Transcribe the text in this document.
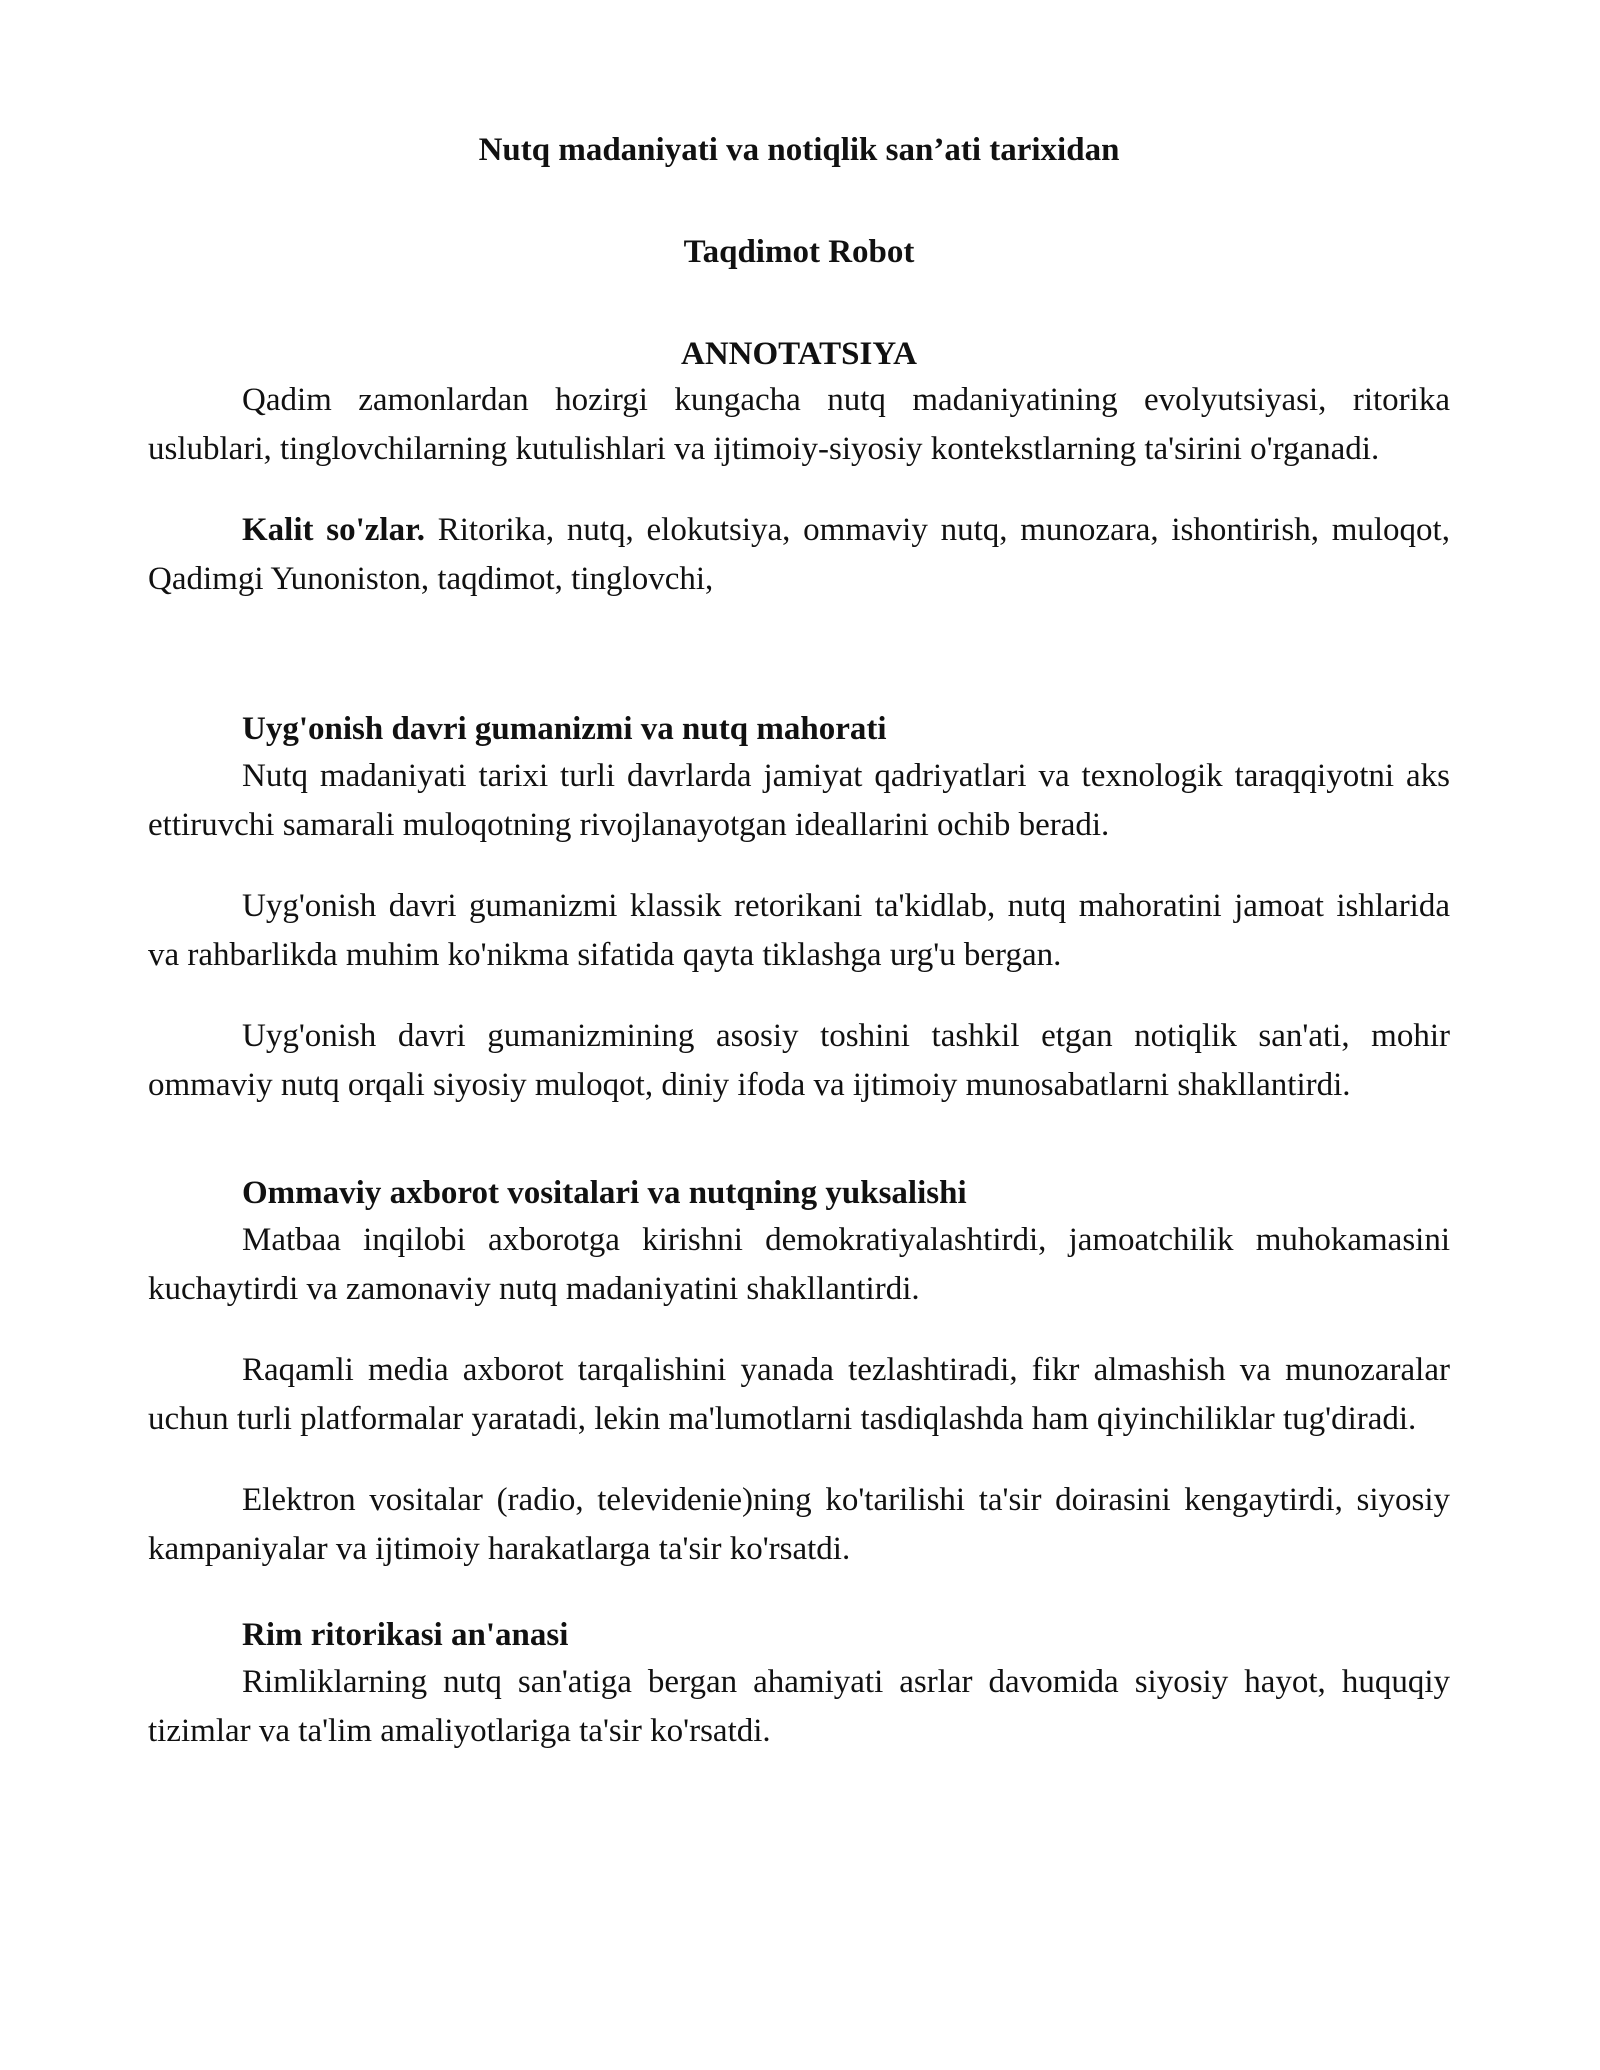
Nutq madaniyati va notiqlik san’ati tarixidan
Taqdimot Robot
ANNOTATSIYA

Qadim zamonlardan hozirgi kungacha nutq madaniyatining evolyutsiyasi, ritorika uslublari, tinglovchilarning kutulishlari va ijtimoiy-siyosiy kontekstlarning ta'sirini o'rganadi.

Kalit so'zlar. Ritorika, nutq, elokutsiya, ommaviy nutq, munozara, ishontirish, muloqot, Qadimgi Yunoniston, taqdimot, tinglovchi,

Uyg'onish davri gumanizmi va nutq mahorati

Nutq madaniyati tarixi turli davrlarda jamiyat qadriyatlari va texnologik taraqqiyotni aks ettiruvchi samarali muloqotning rivojlanayotgan ideallarini ochib beradi.

Uyg'onish davri gumanizmi klassik retorikani ta'kidlab, nutq mahoratini jamoat ishlarida va rahbarlikda muhim ko'nikma sifatida qayta tiklashga urg'u bergan.

Uyg'onish davri gumanizmining asosiy toshini tashkil etgan notiqlik san'ati, mohir ommaviy nutq orqali siyosiy muloqot, diniy ifoda va ijtimoiy munosabatlarni shakllantirdi.

Ommaviy axborot vositalari va nutqning yuksalishi

Matbaa inqilobi axborotga kirishni demokratiyalashtirdi, jamoatchilik muhokamasini kuchaytirdi va zamonaviy nutq madaniyatini shakllantirdi.

Raqamli media axborot tarqalishini yanada tezlashtiradi, fikr almashish va munozaralar uchun turli platformalar yaratadi, lekin ma'lumotlarni tasdiqlashda ham qiyinchiliklar tug'diradi.

Elektron vositalar (radio, televidenie)ning ko'tarilishi ta'sir doirasini kengaytirdi, siyosiy kampaniyalar va ijtimoiy harakatlarga ta'sir ko'rsatdi.

Rim ritorikasi an'anasi

Rimliklarning nutq san'atiga bergan ahamiyati asrlar davomida siyosiy hayot, huquqiy tizimlar va ta'lim amaliyotlariga ta'sir ko'rsatdi.
